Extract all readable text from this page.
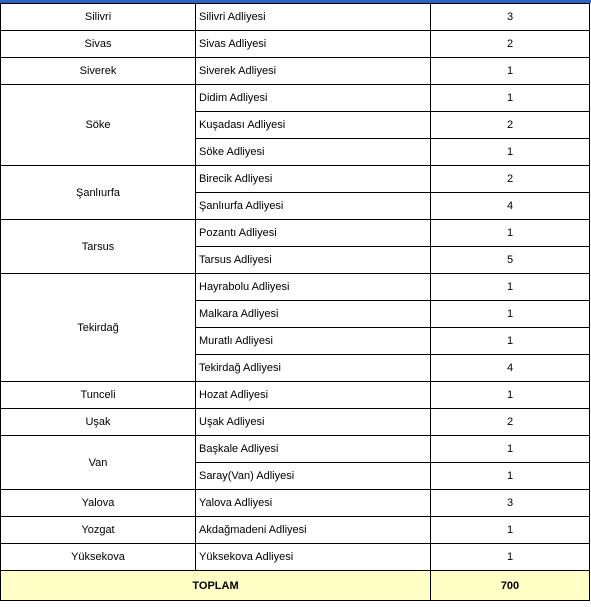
Silivri	Silivri Adliyesi	3
Sivas	Sivas Adliyesi	2
Siverek	Siverek Adliyesi	1
Söke	Didim Adliyesi	1
	Kuşadası Adliyesi	2
	Söke Adliyesi	1
Şanlıurfa	Birecik Adliyesi	2
	Şanlıurfa Adliyesi	4
Tarsus	Pozantı Adliyesi	1
	Tarsus Adliyesi	5
Tekirdağ	Hayrabolu Adliyesi	1
	Malkara Adliyesi	1
	Muratlı Adliyesi	1
	Tekirdağ Adliyesi	4
Tunceli	Hozat Adliyesi	1
Uşak	Uşak Adliyesi	2
Van	Başkale Adliyesi	1
	Saray(Van) Adliyesi	1
Yalova	Yalova Adliyesi	3
Yozgat	Akdağmadeni Adliyesi	1
Yüksekova	Yüksekova Adliyesi	1
TOPLAM		700
